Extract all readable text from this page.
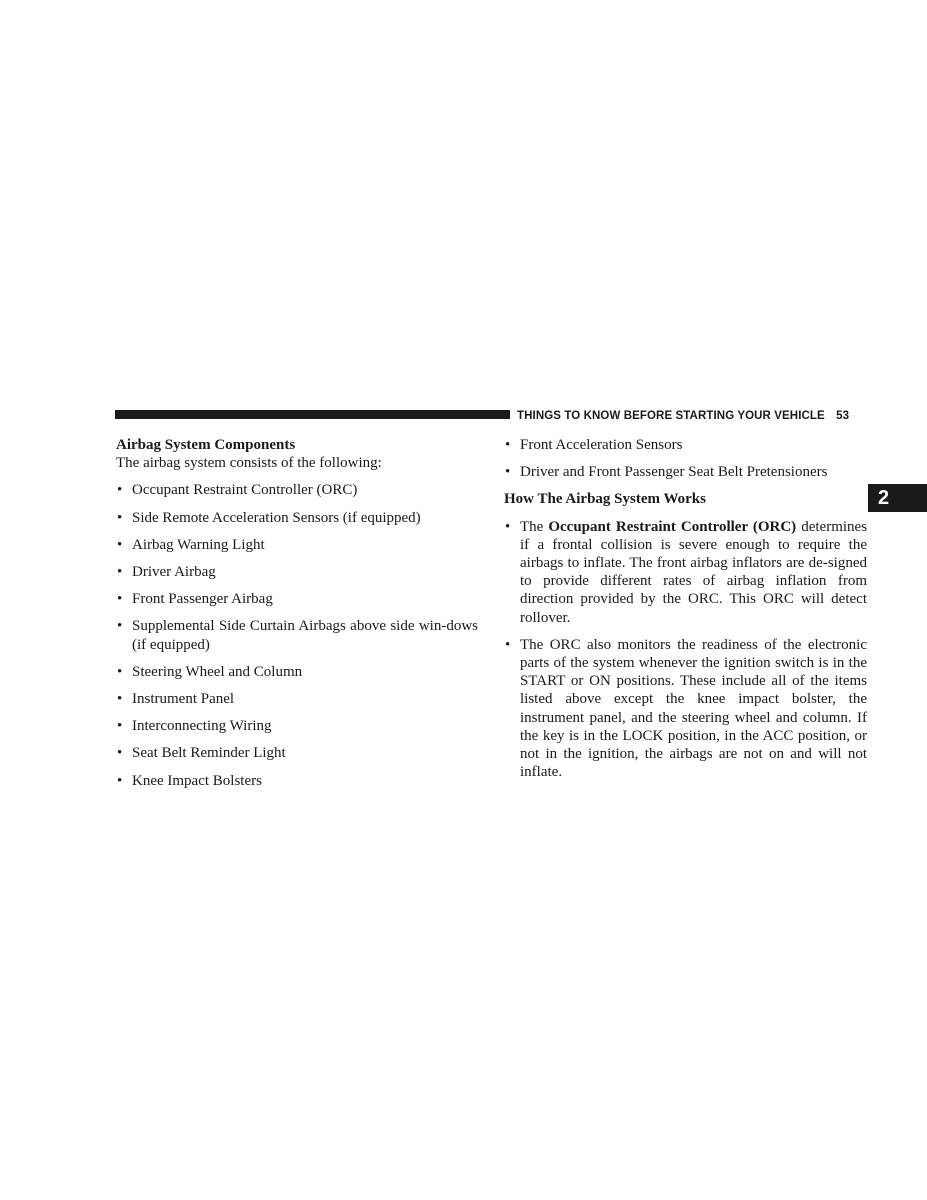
THINGS TO KNOW BEFORE STARTING YOUR VEHICLE 53
2

Airbag System Components

The airbag system consists of the following:

• Occupant Restraint Controller (ORC)
• Side Remote Acceleration Sensors (if equipped)
• Airbag Warning Light
• Driver Airbag
• Front Passenger Airbag
• Supplemental Side Curtain Airbags above side win-dows (if equipped)
• Steering Wheel and Column
• Instrument Panel
• Interconnecting Wiring
• Seat Belt Reminder Light
• Knee Impact Bolsters
• Front Acceleration Sensors
• Driver and Front Passenger Seat Belt Pretensioners

How The Airbag System Works

• The Occupant Restraint Controller (ORC) determines if a frontal collision is severe enough to require the airbags to inflate. The front airbag inflators are de-signed to provide different rates of airbag inflation from direction provided by the ORC. This ORC will detect rollover.
• The ORC also monitors the readiness of the electronic parts of the system whenever the ignition switch is in the START or ON positions. These include all of the items listed above except the knee impact bolster, the instrument panel, and the steering wheel and column. If the key is in the LOCK position, in the ACC position, or not in the ignition, the airbags are not on and will not inflate.
